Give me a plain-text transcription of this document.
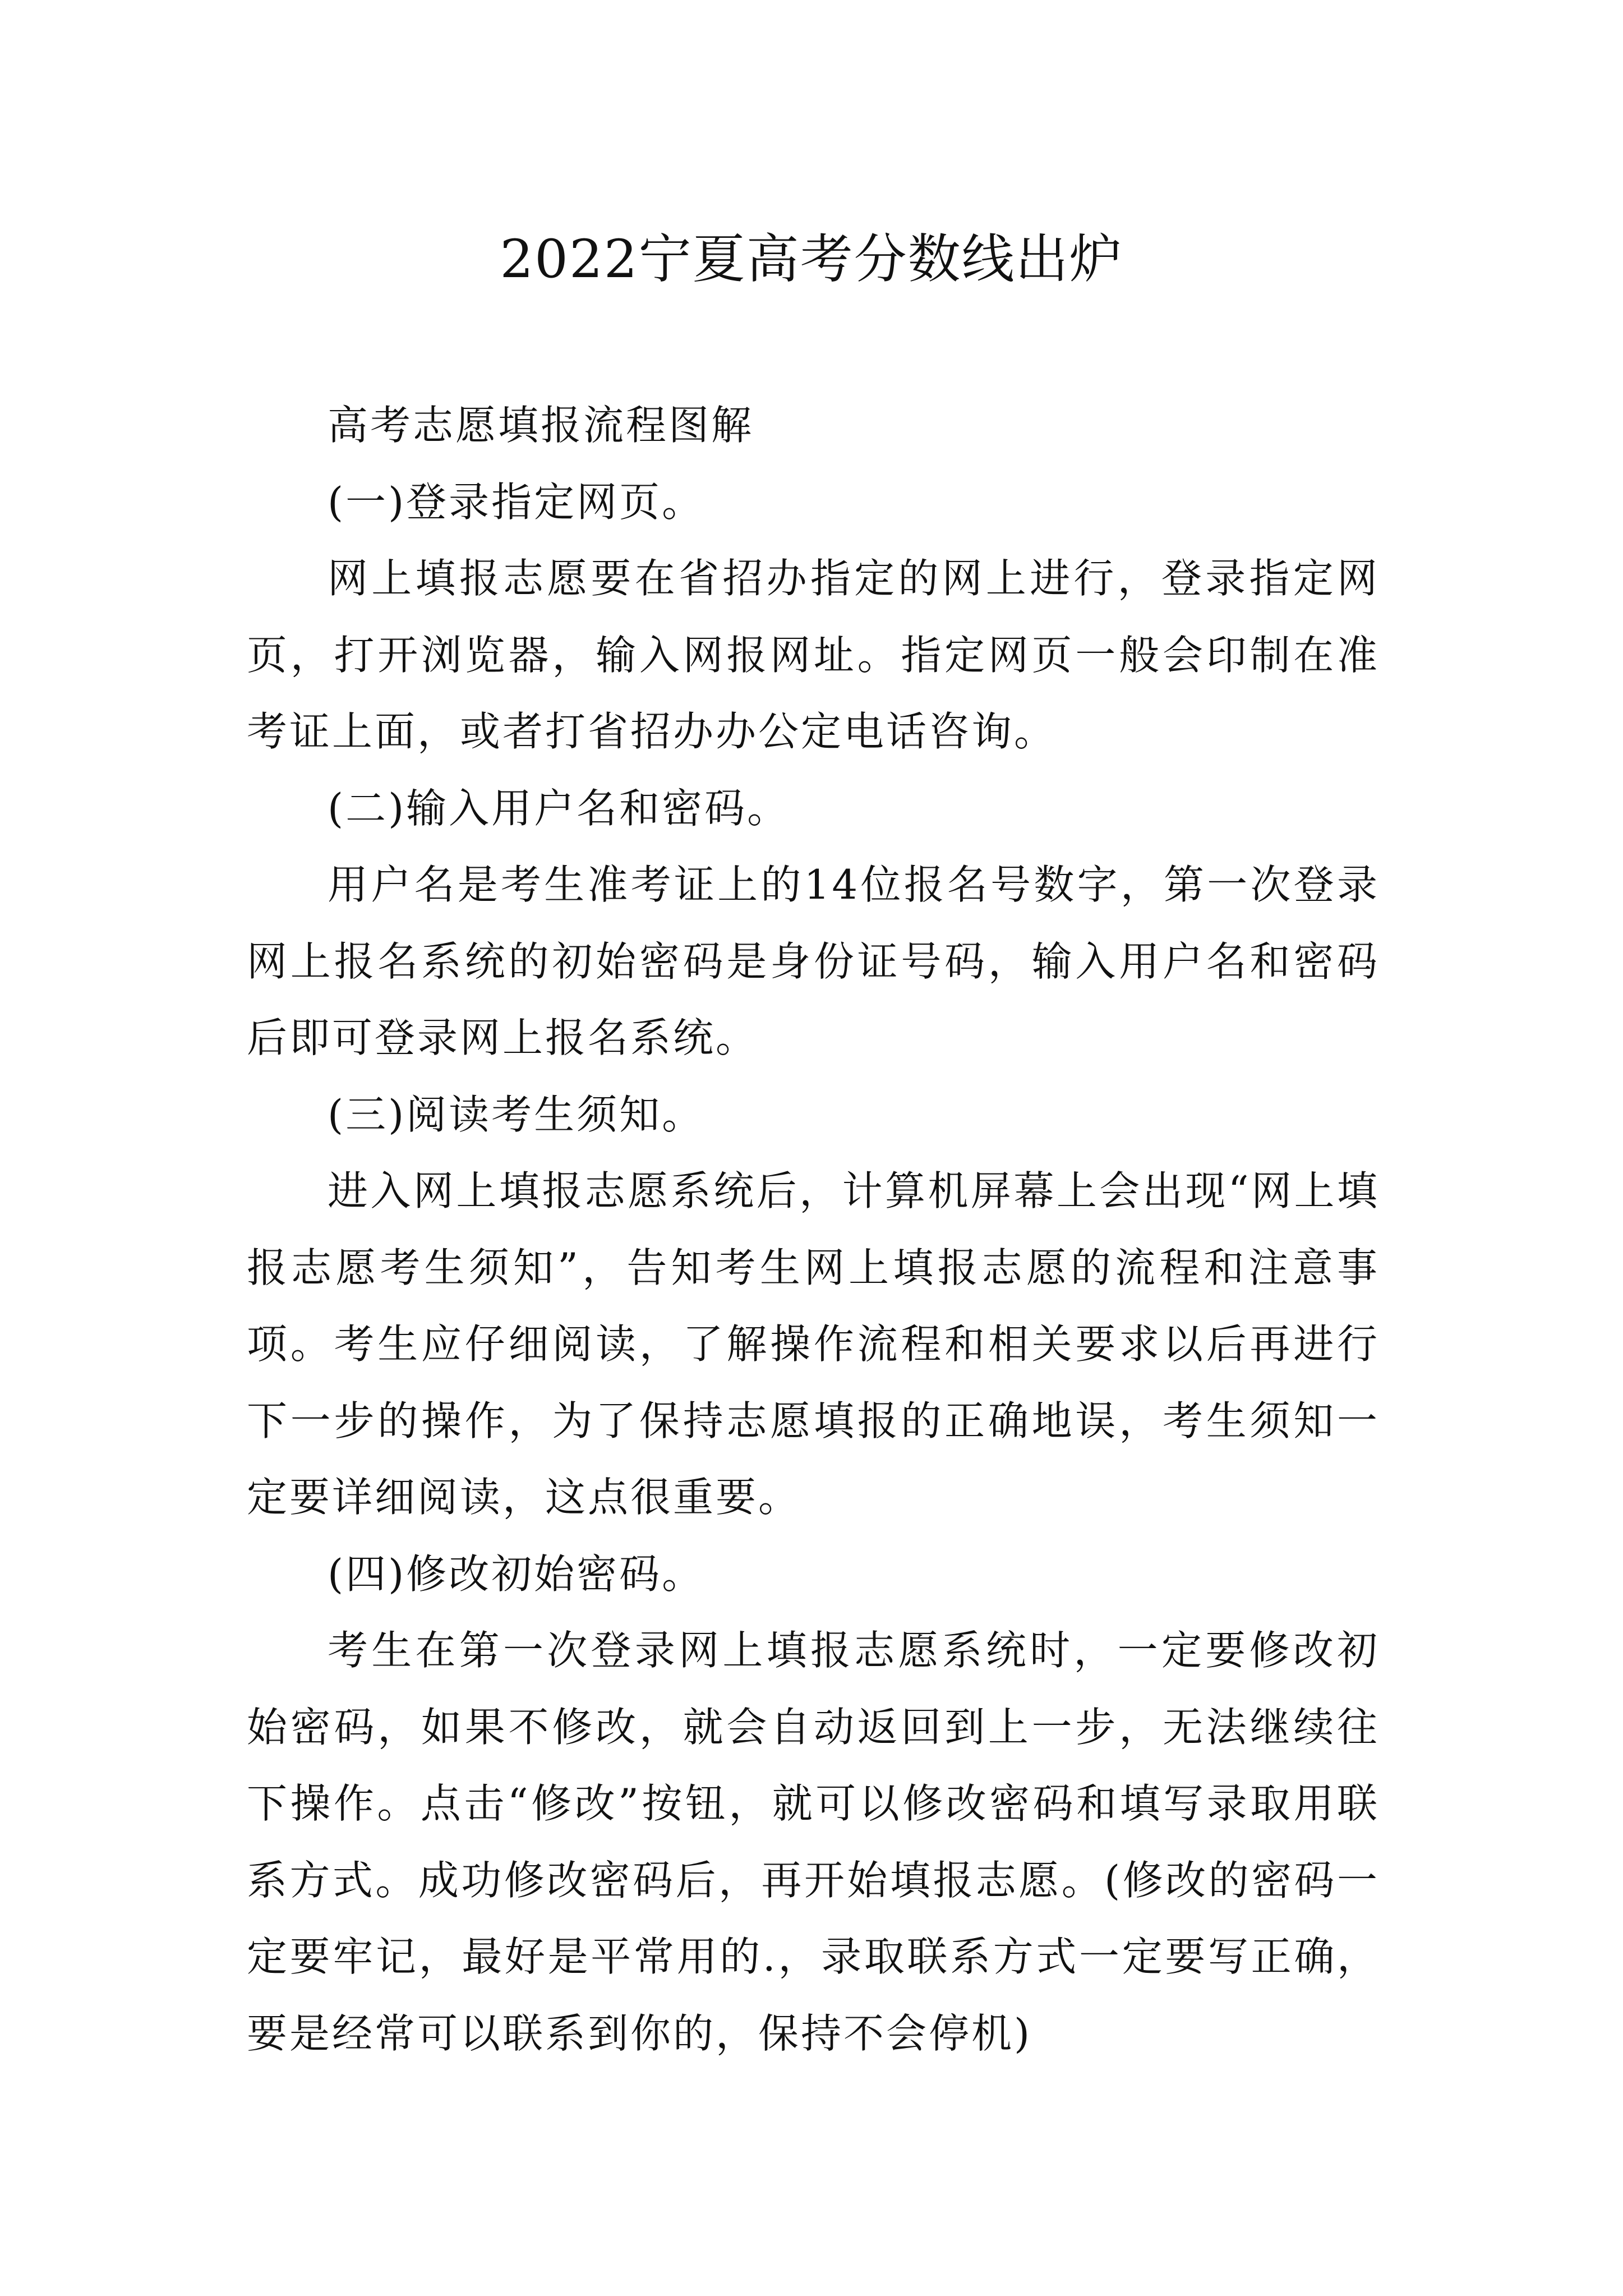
2022宁夏高考分数线出炉

高考志愿填报流程图解

(一)登录指定网页。

网上填报志愿要在省招办指定的网上进行，登录指定网页，打开浏览器，输入网报网址。指定网页一般会印制在准考证上面，或者打省招办办公定电话咨询。

(二)输入用户名和密码。

用户名是考生准考证上的14位报名号数字，第一次登录网上报名系统的初始密码是身份证号码，输入用户名和密码后即可登录网上报名系统。

(三)阅读考生须知。

进入网上填报志愿系统后，计算机屏幕上会出现“网上填报志愿考生须知”，告知考生网上填报志愿的流程和注意事项。考生应仔细阅读，了解操作流程和相关要求以后再进行下一步的操作，为了保持志愿填报的正确地误，考生须知一定要详细阅读，这点很重要。

(四)修改初始密码。

考生在第一次登录网上填报志愿系统时，一定要修改初始密码，如果不修改，就会自动返回到上一步，无法继续往下操作。点击“修改”按钮，就可以修改密码和填写录取用联系方式。成功修改密码后，再开始填报志愿。(修改的密码一定要牢记，最好是平常用的.，录取联系方式一定要写正确，要是经常可以联系到你的，保持不会停机)
